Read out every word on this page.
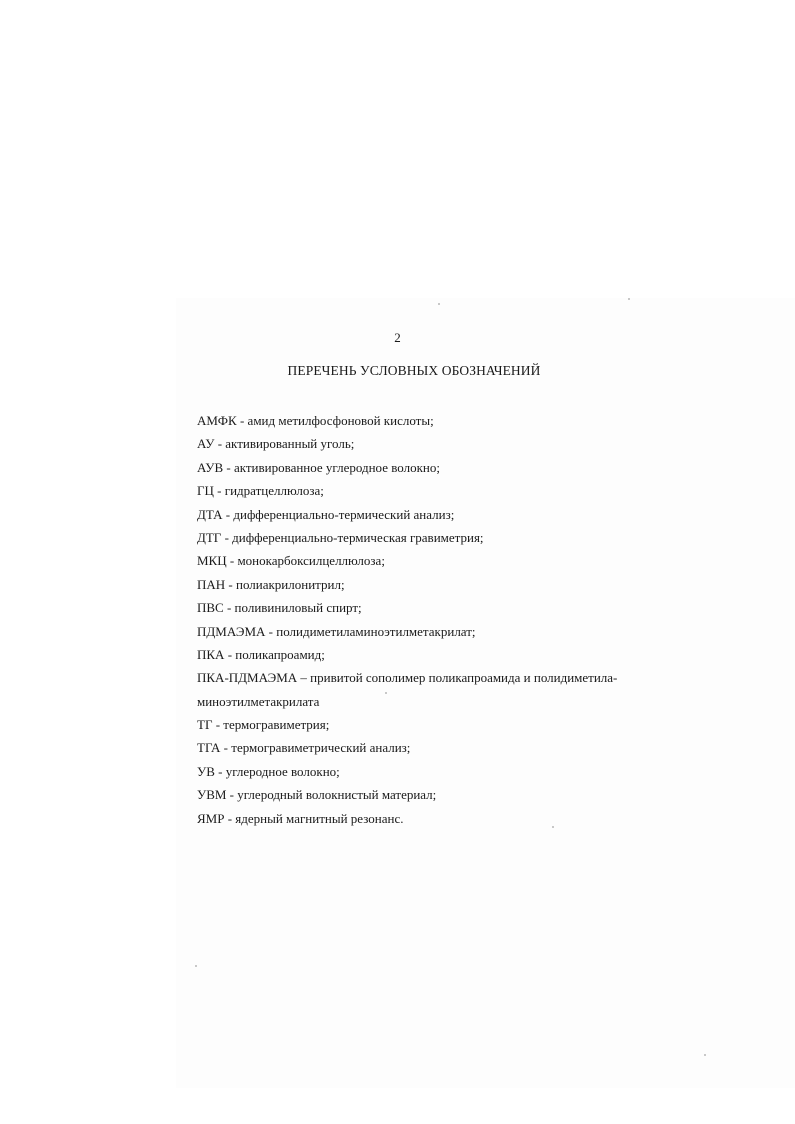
2
ПЕРЕЧЕНЬ УСЛОВНЫХ ОБОЗНАЧЕНИЙ
АМФК - амид метилфосфоновой кислоты;
АУ - активированный уголь;
АУВ - активированное углеродное волокно;
ГЦ - гидратцеллюлоза;
ДТА - дифференциально-термический анализ;
ДТГ - дифференциально-термическая гравиметрия;
МКЦ - монокарбоксилцеллюлоза;
ПАН - полиакрилонитрил;
ПВС - поливиниловый спирт;
ПДМАЭМА - полидиметиламиноэтилметакрилат;
ПКА - поликапроамид;
ПКА-ПДМАЭМА – привитой сополимер поликапроамида и полидиметила-
миноэтилметакрилата
ТГ - термогравиметрия;
ТГА - термогравиметрический анализ;
УВ - углеродное волокно;
УВМ - углеродный волокнистый материал;
ЯМР - ядерный магнитный резонанс.
